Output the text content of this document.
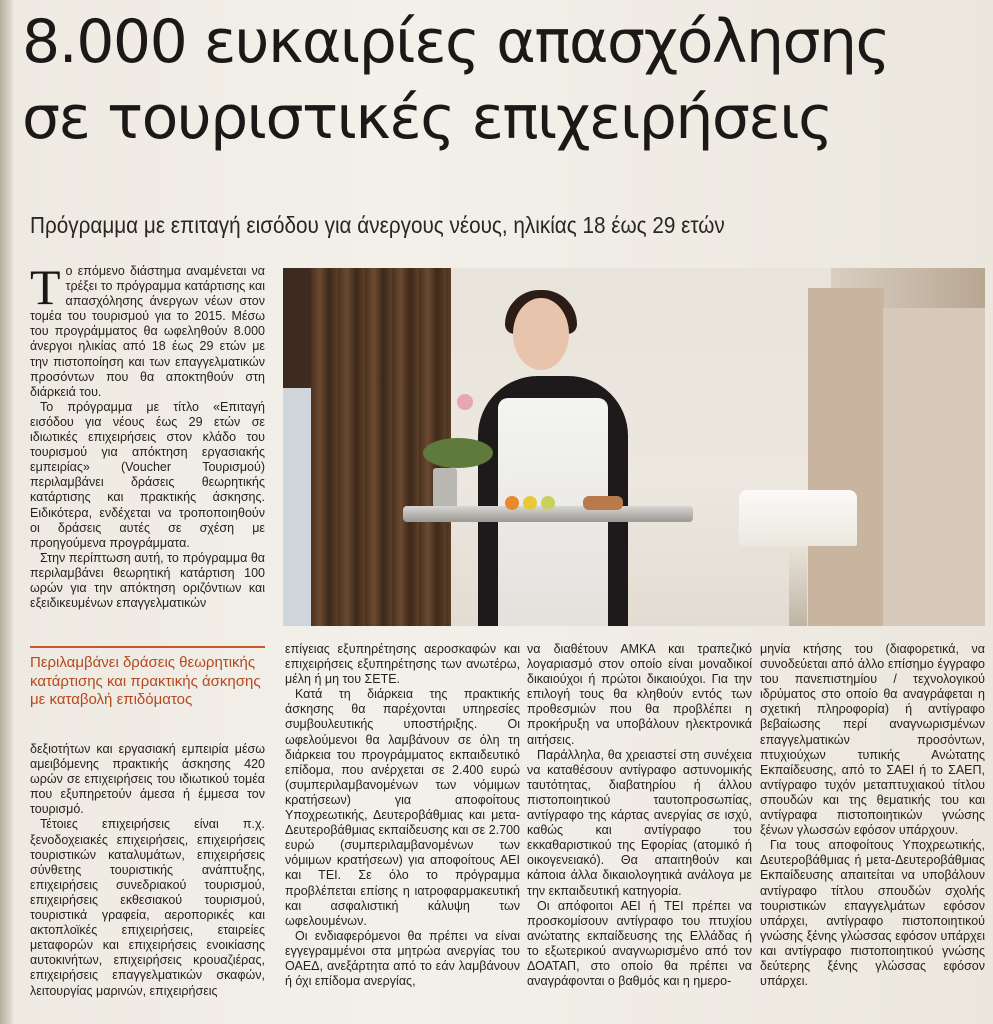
8.000 ευκαιρίες απασχόλησης
σε τουριστικές επιχειρήσεις
Πρόγραμμα με επιταγή εισόδου για άνεργους νέους, ηλικίας 18 έως 29 ετών

Το επόμενο διάστημα αναμένεται να τρέξει το πρόγραμμα κατάρτισης και απασχόλησης άνεργων νέων στον τομέα του τουρισμού για το 2015. Μέσω του προγράμματος θα ωφεληθούν 8.000 άνεργοι ηλικίας από 18 έως 29 ετών με την πιστοποίηση και των επαγγελματικών προσόντων που θα αποκτηθούν στη διάρκειά του.

Το πρόγραμμα με τίτλο «Επιταγή εισόδου για νέους έως 29 ετών σε ιδιωτικές επιχειρήσεις στον κλάδο του τουρισμού για απόκτηση εργασιακής εμπειρίας» (Voucher Τουρισμού) περιλαμβάνει δράσεις θεωρητικής κατάρτισης και πρακτικής άσκησης. Ειδικότερα, ενδέχεται να τροποποιηθούν οι δράσεις αυτές σε σχέση με προηγούμενα προγράμματα.

Στην περίπτωση αυτή, το πρόγραμμα θα περιλαμβάνει θεωρητική κατάρτιση 100 ωρών για την απόκτηση οριζόντιων και εξειδικευμένων επαγγελματικών

Περιλαμβάνει δράσεις θεωρητικής κατάρτισης και πρακτικής άσκησης με καταβολή επιδόματος

δεξιοτήτων και εργασιακή εμπειρία μέσω αμειβόμενης πρακτικής άσκησης 420 ωρών σε επιχειρήσεις του ιδιωτικού τομέα που εξυπηρετούν άμεσα ή έμμεσα τον τουρισμό.

Τέτοιες επιχειρήσεις είναι π.χ. ξενοδοχειακές επιχειρήσεις, επιχειρήσεις τουριστικών καταλυμάτων, επιχειρήσεις σύνθετης τουριστικής ανάπτυξης, επιχειρήσεις συνεδριακού τουρισμού, επιχειρήσεις εκθεσιακού τουρισμού, τουριστικά γραφεία, αεροπορικές και ακτοπλοϊκές επιχειρήσεις, εταιρείες μεταφορών και επιχειρήσεις ενοικίασης αυτοκινήτων, επιχειρήσεις κρουαζιέρας, επιχειρήσεις επαγγελματικών σκαφών, λειτουργίας μαρινών, επιχειρήσεις

επίγειας εξυπηρέτησης αεροσκαφών και επιχειρήσεις εξυπηρέτησης των ανωτέρω, μέλη ή μη του ΣΕΤΕ.

Κατά τη διάρκεια της πρακτικής άσκησης θα παρέχονται υπηρεσίες συμβουλευτικής υποστήριξης. Οι ωφελούμενοι θα λαμβάνουν σε όλη τη διάρκεια του προγράμματος εκπαιδευτικό επίδομα, που ανέρχεται σε 2.400 ευρώ (συμπεριλαμβανομένων των νόμιμων κρατήσεων) για αποφοίτους Υποχρεωτικής, Δευτεροβάθμιας και μετα-Δευτεροβάθμιας εκπαίδευσης και σε 2.700 ευρώ (συμπεριλαμβανομένων των νόμιμων κρατήσεων) για αποφοίτους ΑΕΙ και ΤΕΙ. Σε όλο το πρόγραμμα προβλέπεται επίσης η ιατροφαρμακευτική και ασφαλιστική κάλυψη των ωφελουμένων.

Οι ενδιαφερόμενοι θα πρέπει να είναι εγγεγραμμένοι στα μητρώα ανεργίας του ΟΑΕΔ, ανεξάρτητα από το εάν λαμβάνουν ή όχι επίδομα ανεργίας,

να διαθέτουν ΑΜΚΑ και τραπεζικό λογαριασμό στον οποίο είναι μοναδικοί δικαιούχοι ή πρώτοι δικαιούχοι. Για την επιλογή τους θα κληθούν εντός των προθεσμιών που θα προβλέπει η προκήρυξη να υποβάλουν ηλεκτρονικά αιτήσεις.

Παράλληλα, θα χρειαστεί στη συνέχεια να καταθέσουν αντίγραφο αστυνομικής ταυτότητας, διαβατηρίου ή άλλου πιστοποιητικού ταυτοπροσωπίας, αντίγραφο της κάρτας ανεργίας σε ισχύ, καθώς και αντίγραφο του εκκαθαριστικού της Εφορίας (ατομικό ή οικογενειακό). Θα απαιτηθούν και κάποια άλλα δικαιολογητικά ανάλογα με την εκπαιδευτική κατηγορία.

Οι απόφοιτοι ΑΕΙ ή ΤΕΙ πρέπει να προσκομίσουν αντίγραφο του πτυχίου ανώτατης εκπαίδευσης της Ελλάδας ή το εξωτερικού αναγνωρισμένο από τον ΔΟΑΤΑΠ, στο οποίο θα πρέπει να αναγράφονται ο βαθμός και η ημερο-

μηνία κτήσης του (διαφορετικά, να συνοδεύεται από άλλο επίσημο έγγραφο του πανεπιστημίου / τεχνολογικού ιδρύματος στο οποίο θα αναγράφεται η σχετική πληροφορία) ή αντίγραφο βεβαίωσης περί αναγνωρισμένων επαγγελματικών προσόντων, πτυχιούχων τυπικής Ανώτατης Εκπαίδευσης, από το ΣΑΕΙ ή το ΣΑΕΠ, αντίγραφο τυχόν μεταπτυχιακού τίτλου σπουδών και της θεματικής του και αντίγραφα πιστοποιητικών γνώσης ξένων γλωσσών εφόσον υπάρχουν.

Για τους αποφοίτους Υποχρεωτικής, Δευτεροβάθμιας ή μετα-Δευτεροβάθμιας Εκπαίδευσης απαιτείται να υποβάλουν αντίγραφο τίτλου σπουδών σχολής τουριστικών επαγγελμάτων εφόσον υπάρχει, αντίγραφο πιστοποιητικού γνώσης ξένης γλώσσας εφόσον υπάρχει και αντίγραφο πιστοποιητικού γνώσης δεύτερης ξένης γλώσσας εφόσον υπάρχει.
